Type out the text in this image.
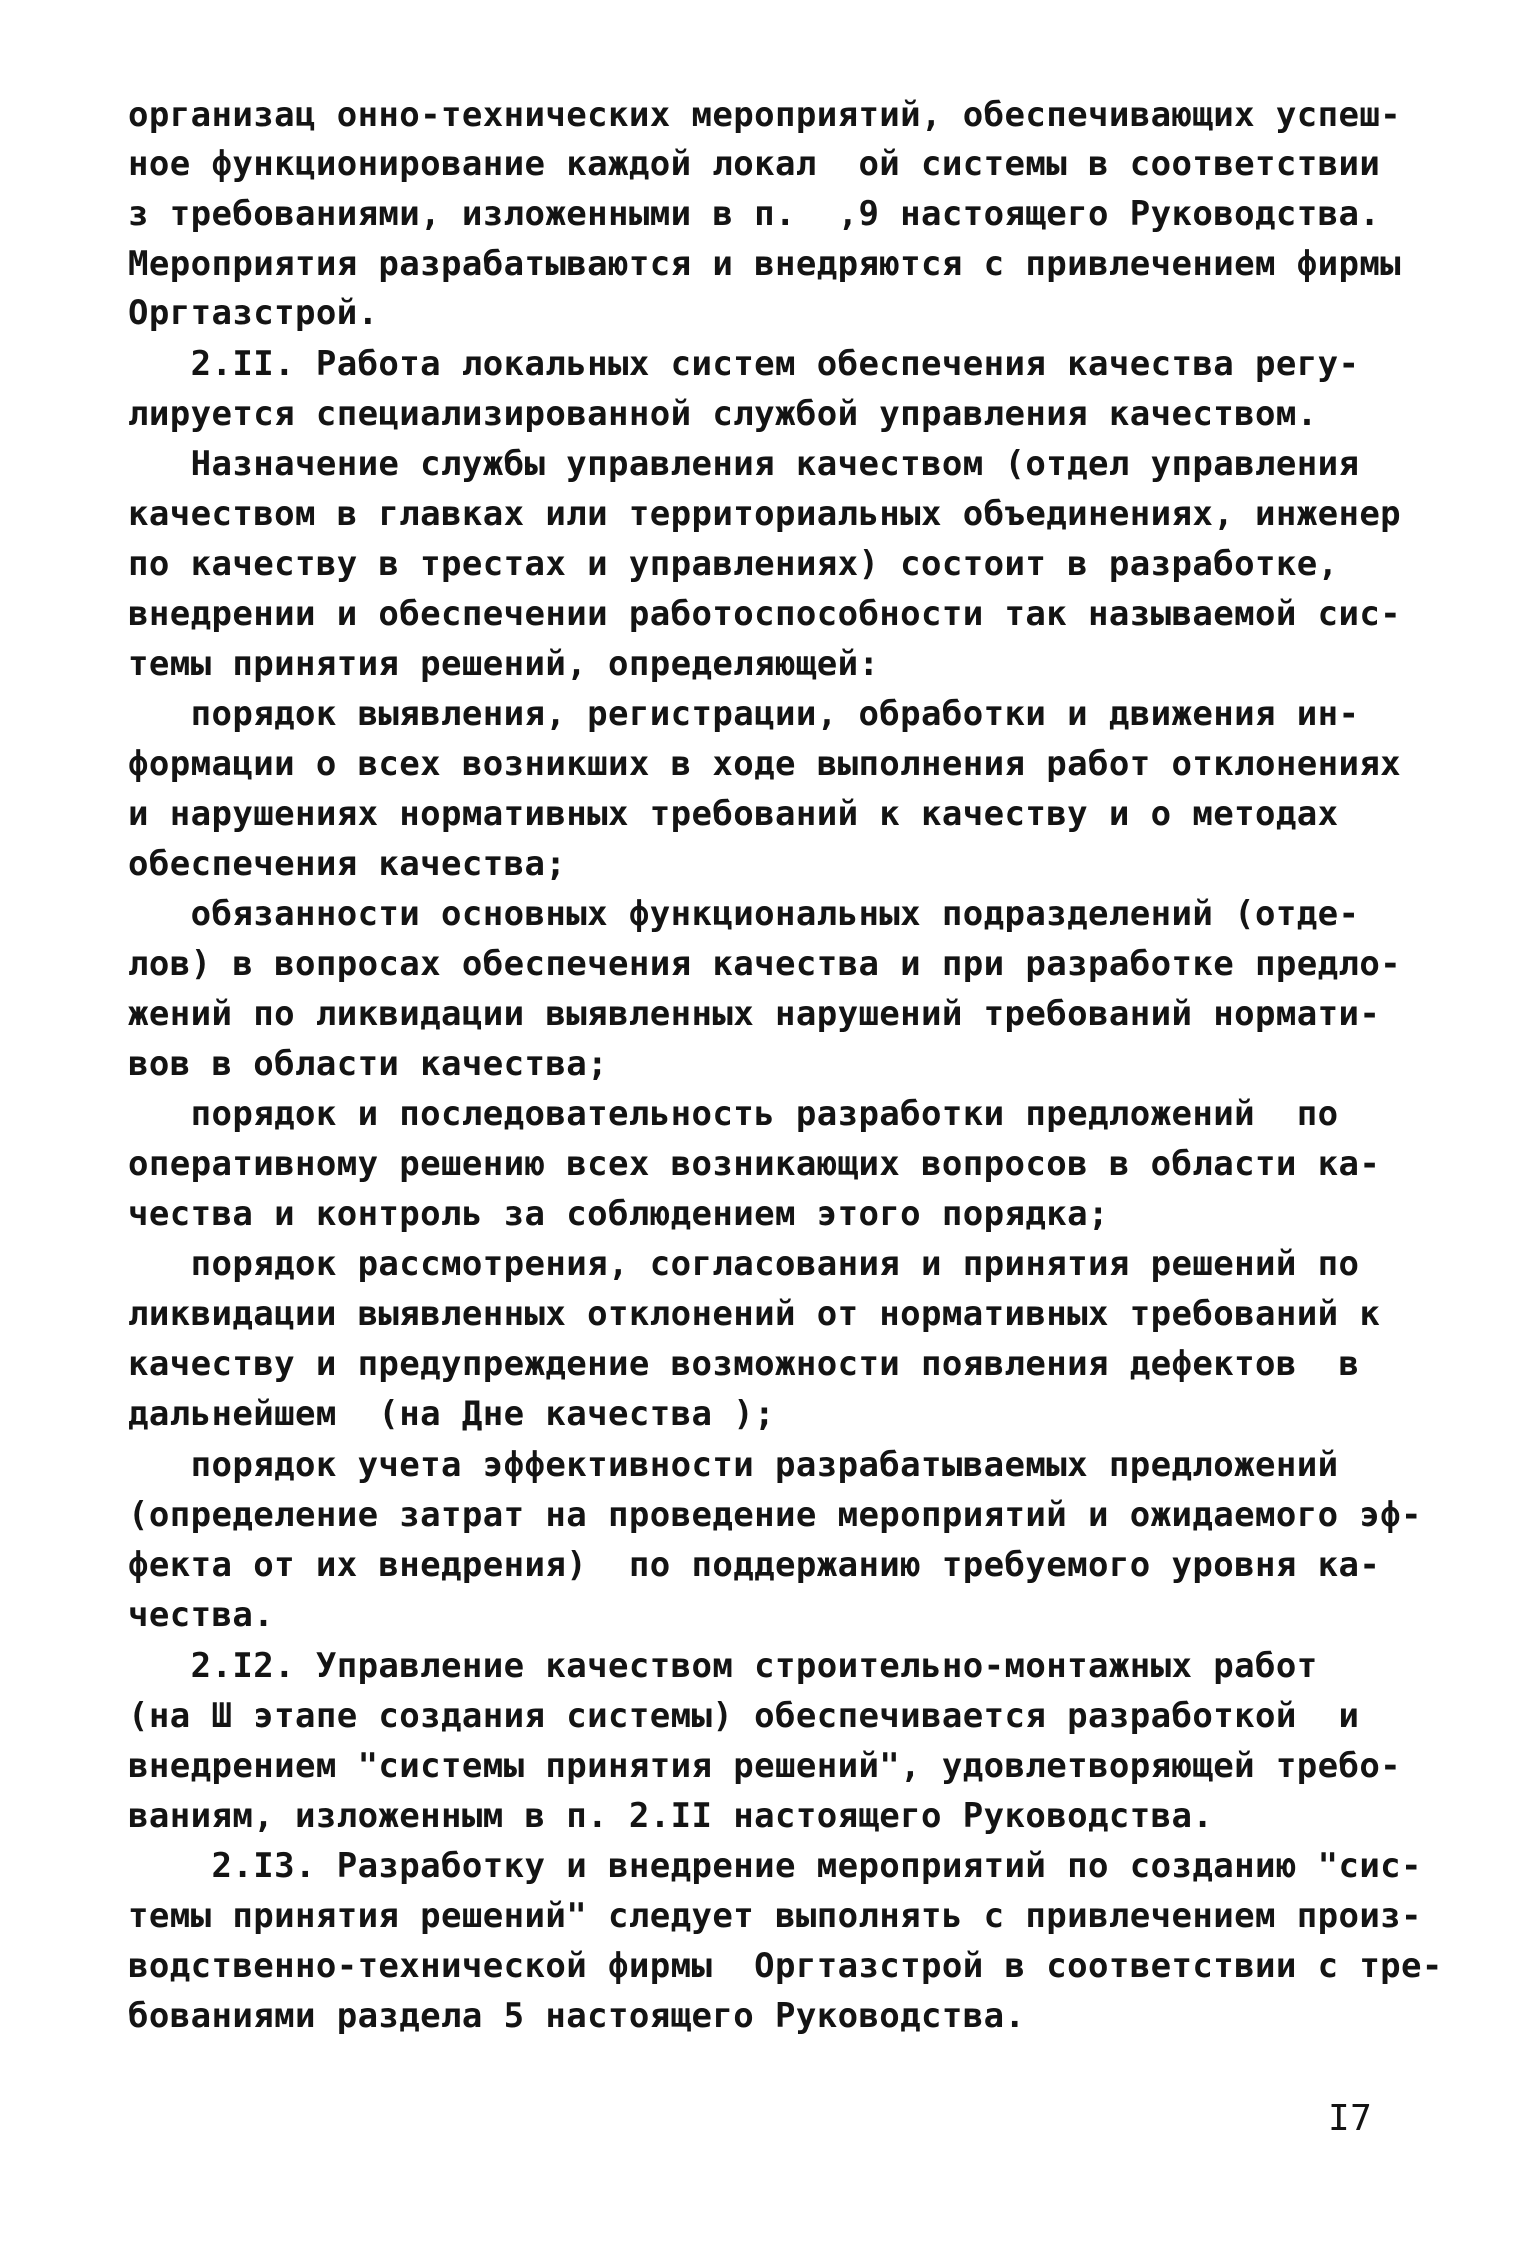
организац онно-технических мероприятий, обеспечивающих успеш-
ное функционирование каждой локал  ой системы в соответствии
з требованиями, изложенными в п.  ,9 настоящего Руководства.
Мероприятия разрабатываются и внедряются с привлечением фирмы
Оргтазстрой.
2.II. Работа локальных систем обеспечения качества регу-
лируется специализированной службой управления качеством.
Назначение службы управления качеством (отдел управления
качеством в главках или территориальных объединениях, инженер
по качеству в трестах и управлениях) состоит в разработке,
внедрении и обеспечении работоспособности так называемой сис-
темы принятия решений, определяющей:
порядок выявления, регистрации, обработки и движения ин-
формации о всех возникших в ходе выполнения работ отклонениях
и нарушениях нормативных требований к качеству и о методах
обеспечения качества;
обязанности основных функциональных подразделений (отде-
лов) в вопросах обеспечения качества и при разработке предло-
жений по ликвидации выявленных нарушений требований нормати-
вов в области качества;
порядок и последовательность разработки предложений  по
оперативному решению всех возникающих вопросов в области ка-
чества и контроль за соблюдением этого порядка;
порядок рассмотрения, согласования и принятия решений по
ликвидации выявленных отклонений от нормативных требований к
качеству и предупреждение возможности появления дефектов  в
дальнейшем  (на Дне качества );
порядок учета эффективности разрабатываемых предложений
(определение затрат на проведение мероприятий и ожидаемого эф-
фекта от их внедрения)  по поддержанию требуемого уровня ка-
чества.
2.I2. Управление качеством строительно-монтажных работ
(на Ш этапе создания системы) обеспечивается разработкой  и
внедрением "системы принятия решений", удовлетворяющей требо-
ваниям, изложенным в п. 2.II настоящего Руководства.
2.I3. Разработку и внедрение мероприятий по созданию "сис-
темы принятия решений" следует выполнять с привлечением произ-
водственно-технической фирмы  Оргтазстрой в соответствии с тре-
бованиями раздела 5 настоящего Руководства.
I7
